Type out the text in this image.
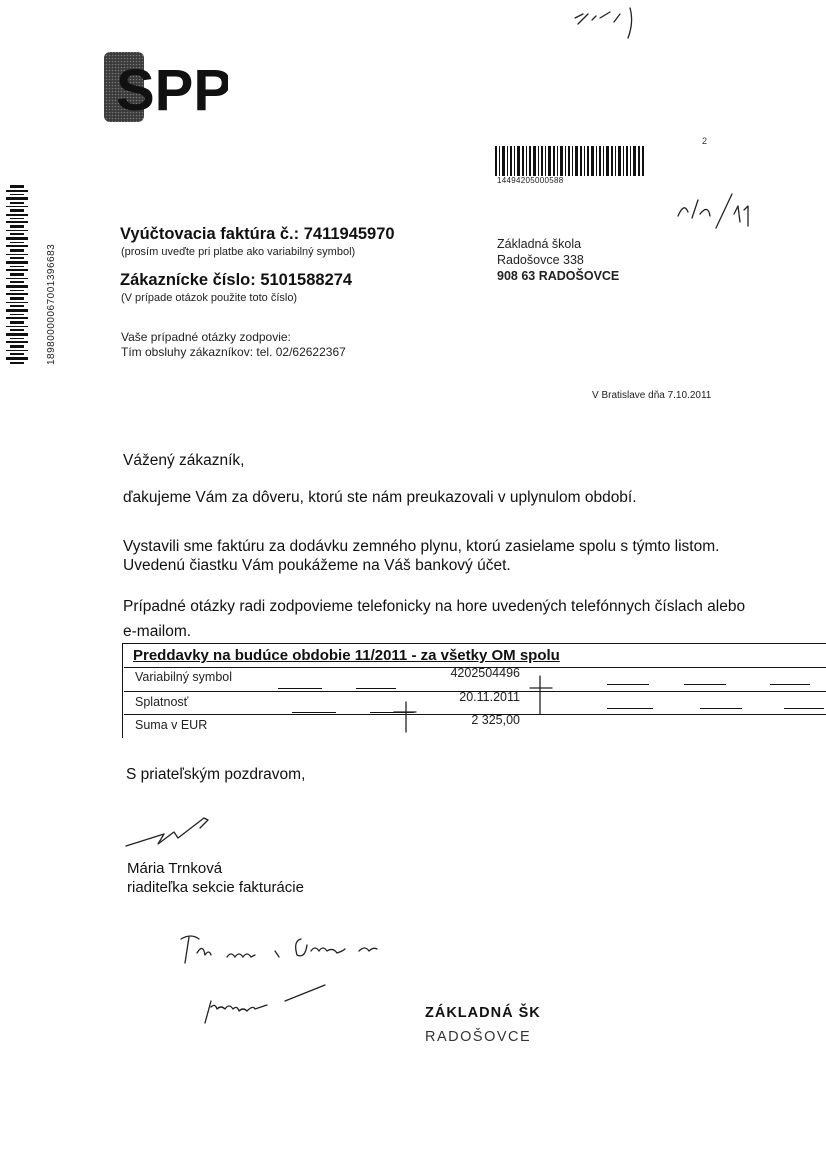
SPP
18980000067001396683
14494205000588
2
Vyúčtovacia faktúra č.: 7411945970
(prosím uveďte pri platbe ako variabilný symbol)
Zákaznícke číslo: 5101588274
(V prípade otázok použite toto číslo)
Vaše prípadné otázky zodpovie:
Tím obsluhy zákazníkov: tel. 02/62622367
Základná škola
Radošovce 338
908 63 RADOŠOVCE
V Bratislave dňa 7.10.2011
Vážený zákazník,
ďakujeme Vám za dôveru, ktorú ste nám preukazovali v uplynulom období.
Vystavili sme faktúru za dodávku zemného plynu, ktorú zasielame spolu s týmto listom.
Uvedenú čiastku Vám poukážeme na Váš bankový účet.
Prípadné otázky radi zodpovieme telefonicky na hore uvedených telefónnych číslach alebo
e-mailom.
Preddavky na budúce obdobie 11/2011 - za všetky OM spolu
Variabilný symbol	4202504496
Splatnosť	20.11.2011
Suma v EUR	2 325,00
S priateľským pozdravom,
Mária Trnková
riaditeľka sekcie fakturácie
ZÁKLADNÁ ŠK
RADOŠOVCE
